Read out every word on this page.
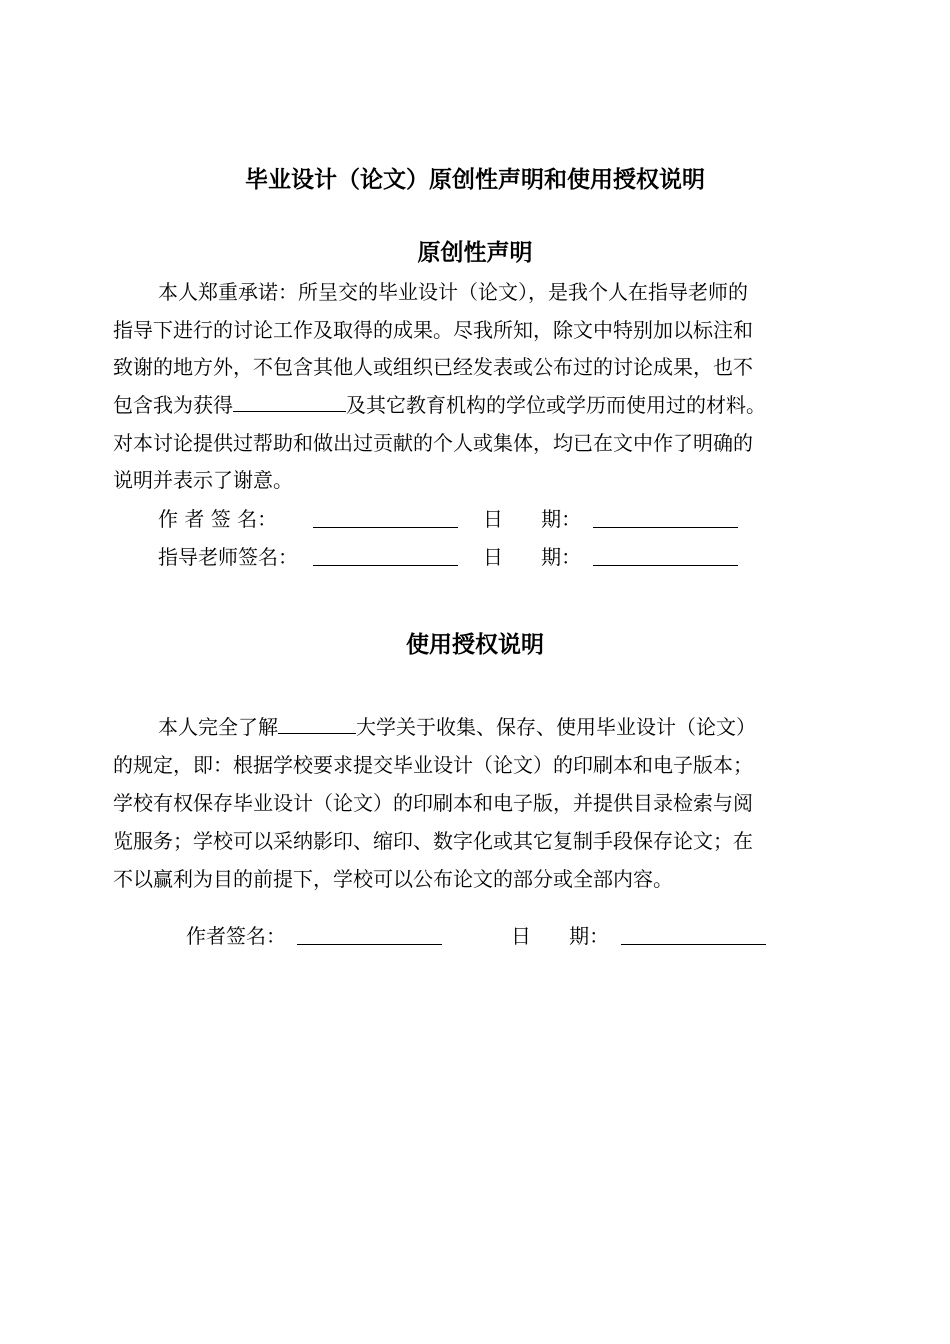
毕业设计（论文）原创性声明和使用授权说明
原创性声明
本人郑重承诺：所呈交的毕业设计（论文），是我个人在指导老师的
指导下进行的讨论工作及取得的成果。尽我所知，除文中特别加以标注和
致谢的地方外，不包含其他人或组织已经发表或公布过的讨论成果，也不
包含我为获得	及其它教育机构的学位或学历而使用过的材料。
对本讨论提供过帮助和做出过贡献的个人或集体，均已在文中作了明确的
说明并表示了谢意。
作 者 签 名：	日      期：
指导老师签名：	日      期：
使用授权说明
本人完全了解	大学关于收集、保存、使用毕业设计（论文）
的规定，即：根据学校要求提交毕业设计（论文）的印刷本和电子版本；
学校有权保存毕业设计（论文）的印刷本和电子版，并提供目录检索与阅
览服务；学校可以采纳影印、缩印、数字化或其它复制手段保存论文；在
不以赢利为目的前提下，学校可以公布论文的部分或全部内容。
作者签名：	日      期：
